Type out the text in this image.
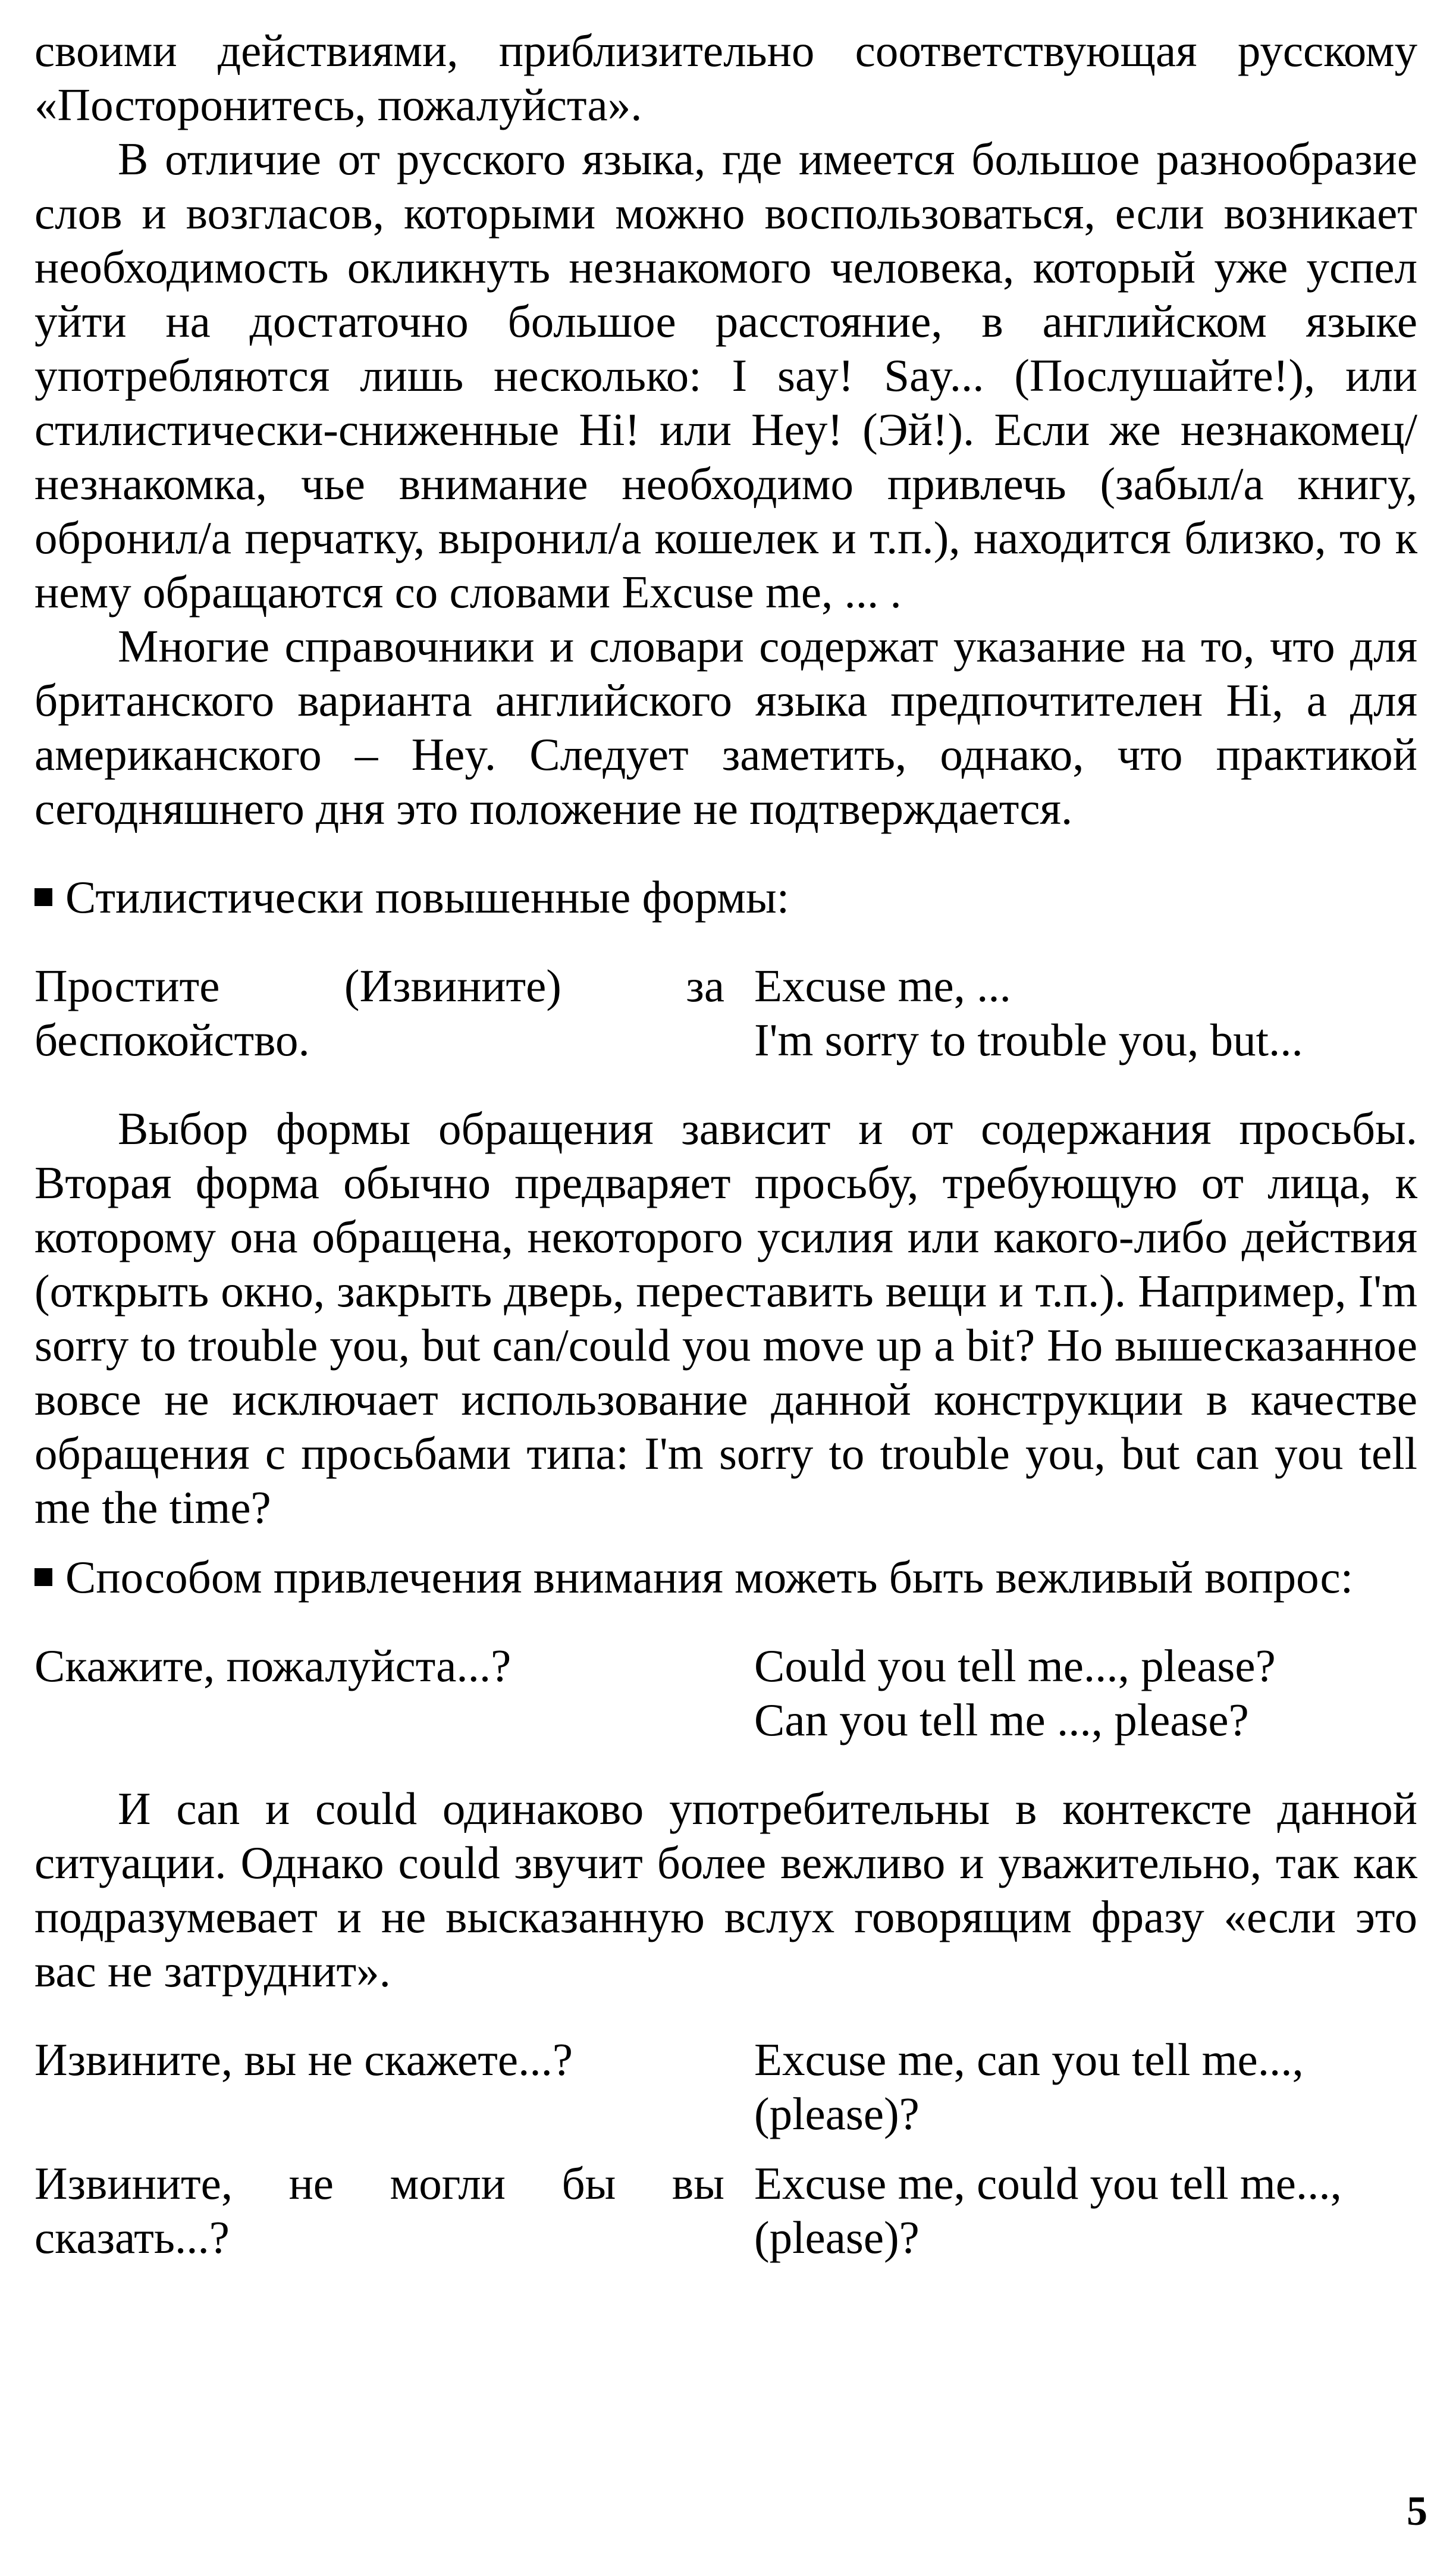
своими действиями, приблизительно соответствующая русскому «Посторонитесь, пожалуйста».

В отличие от русского языка, где имеется большое разнообразие слов и возгласов, которыми можно воспользоваться, если возникает необходимость окликнуть незнакомого человека, который уже успел уйти на достаточно большое расстояние, в английском языке употребляются лишь несколько: I say! Say... (Послушайте!), или стилистически-сниженные Hi! или Hey! (Эй!). Если же незнакомец/незнакомка, чье внимание необходимо привлечь (забыл/а книгу, обронил/а перчатку, выронил/а кошелек и т.п.), находится близко, то к нему обращаются со словами Excuse me, ... .

Многие справочники и словари содержат указание на то, что для британского варианта английского языка предпочтителен Hi, а для американского – Hey. Следует заметить, однако, что практикой сегодняшнего дня это положение не подтверждается.

Стилистически повышенные формы:
Простите (Извините) за беспокойство.
Excuse me, ...
I'm sorry to trouble you, but...

Выбор формы обращения зависит и от содержания просьбы. Вторая форма обычно предваряет просьбу, требующую от лица, к которому она обращена, некоторого усилия или какого-либо действия (открыть окно, закрыть дверь, переставить вещи и т.п.). Например, I'm sorry to trouble you, but can/could you move up a bit? Но вышесказанное вовсе не исключает использование данной конструкции в качестве обращения с просьбами типа: I'm sorry to trouble you, but can you tell me the time?

Способом привлечения внимания можеть быть вежливый вопрос:
Скажите, пожалуйста...?	Could you tell me..., please?
Can you tell me ..., please?

И can и could одинаково употребительны в контексте данной ситуации. Однако could звучит более вежливо и уважительно, так как подразумевает и не высказанную вслух говорящим фразу «если это вас не затруднит».

Извините, вы не скажете...?	Excuse me, can you tell me..., (please)?
Извините, не могли бы вы сказать...?
Excuse me, could you tell me...,(please)?
5
